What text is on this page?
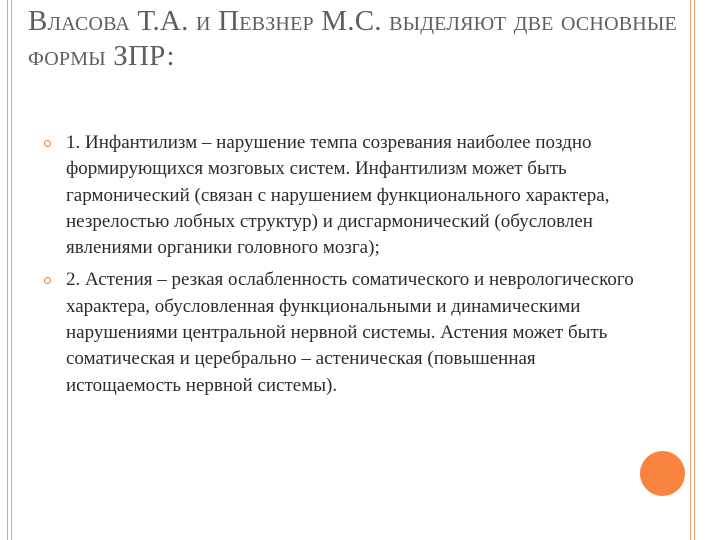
Власова Т.А. и Певзнер М.С. выделяют две основные формы ЗПР:
1. Инфантилизм – нарушение темпа созревания наиболее поздно формирующихся мозговых систем. Инфантилизм может быть гармонический (связан с нарушением функционального характера, незрелостью лобных структур) и дисгармонический (обусловлен явлениями органики головного мозга);
2. Астения – резкая ослабленность соматического и неврологического характера, обусловленная функциональными и динамическими нарушениями центральной нервной системы. Астения может быть соматическая и церебрально – астеническая (повышенная истощаемость нервной системы).
